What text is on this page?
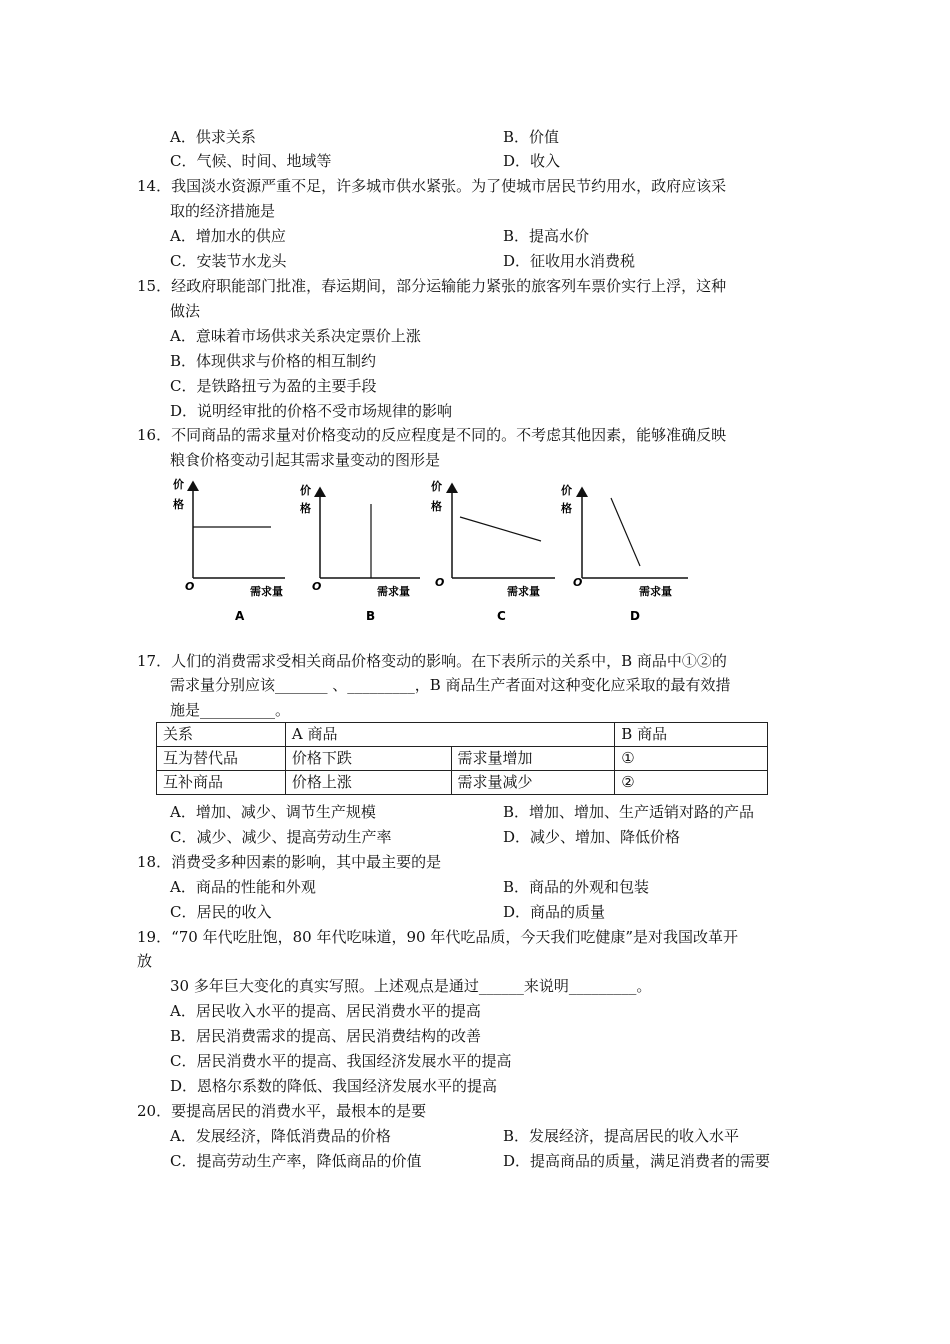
A．供求关系	B．价值
C．气候、时间、地域等	D．收入
14．我国淡水资源严重不足，许多城市供水紧张。为了使城市居民节约用水，政府应该采
取的经济措施是
A．增加水的供应	B．提高水价
C．安装节水龙头	D．征收用水消费税
15．经政府职能部门批准，春运期间，部分运输能力紧张的旅客列车票价实行上浮，这种
做法
A．意味着市场供求关系决定票价上涨
B．体现供求与价格的相互制约
C．是铁路扭亏为盈的主要手段
D．说明经审批的价格不受市场规律的影响
16．不同商品的需求量对价格变动的反应程度是不同的。不考虑其他因素，能够准确反映
粮食价格变动引起其需求量变动的图形是
价
格
O	需求量
A
价
格
O	需求量
B
价
格
O
需求量
C
价
格
O
需求量
D
17．人们的消费需求受相关商品价格变动的影响。在下表所示的关系中，B 商品中①②的
需求量分别应该_______ 、_________，B 商品生产者面对这种变化应采取的最有效措
施是__________。
关系	A 商品		B 商品
互为替代品	价格下跌	需求量增加	①
互补商品	价格上涨	需求量减少	②
A．增加、减少、调节生产规模	B．增加、增加、生产适销对路的产品
C．减少、减少、提高劳动生产率	D．减少、增加、降低价格
18．消费受多种因素的影响，其中最主要的是
A．商品的性能和外观	B．商品的外观和包装
C．居民的收入	D．商品的质量
19．“70 年代吃肚饱，80 年代吃味道，90 年代吃品质，今天我们吃健康”是对我国改革开
放
30 多年巨大变化的真实写照。上述观点是通过______来说明_________。
A．居民收入水平的提高、居民消费水平的提高
B．居民消费需求的提高、居民消费结构的改善
C．居民消费水平的提高、我国经济发展水平的提高
D．恩格尔系数的降低、我国经济发展水平的提高
20．要提高居民的消费水平，最根本的是要
A．发展经济，降低消费品的价格	B．发展经济，提高居民的收入水平
C．提高劳动生产率，降低商品的价值	D．提高商品的质量，满足消费者的需要
